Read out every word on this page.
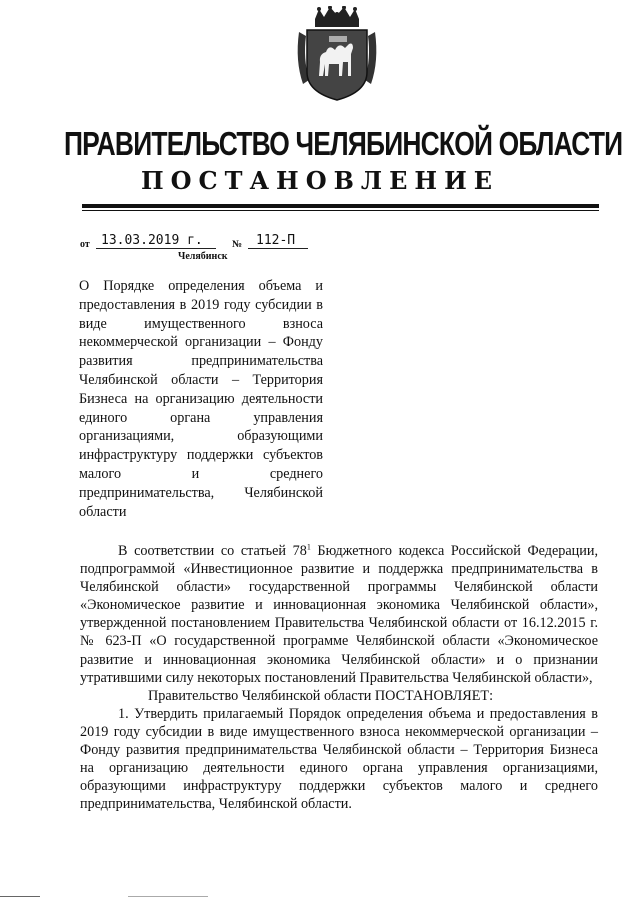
ПРАВИТЕЛЬСТВО ЧЕЛЯБИНСКОЙ ОБЛАСТИ
ПОСТАНОВЛЕНИЕ
от 13.03.2019 г.	№ 112-П
Челябинск
О Порядке определения объема и предоставления в 2019 году субсидии в виде имущественного взноса некоммерческой организации – Фонду развития предпринимательства Челябинской области – Территория Бизнеса на организацию деятельности единого органа управления организациями, образующими инфраструктуру поддержки субъектов малого и среднего предпринимательства, Челябинской области

В соответствии со статьей $78^1$ Бюджетного кодекса Российской Федерации, подпрограммой «Инвестиционное развитие и поддержка предпринимательства в Челябинской области» государственной программы Челябинской области «Экономическое развитие и инновационная экономика Челябинской области», утвержденной постановлением Правительства Челябинской области от 16.12.2015 г. № 623-П «О государственной программе Челябинской области «Экономическое развитие и инновационная экономика Челябинской области» и о признании утратившими силу некоторых постановлений Правительства Челябинской области»,

Правительство Челябинской области ПОСТАНОВЛЯЕТ:

1. Утвердить прилагаемый Порядок определения объема и предоставления в 2019 году субсидии в виде имущественного взноса некоммерческой организации – Фонду развития предпринимательства Челябинской области – Территория Бизнеса на организацию деятельности единого органа управления организациями, образующими инфраструктуру поддержки субъектов малого и среднего предпринимательства, Челябинской области.
